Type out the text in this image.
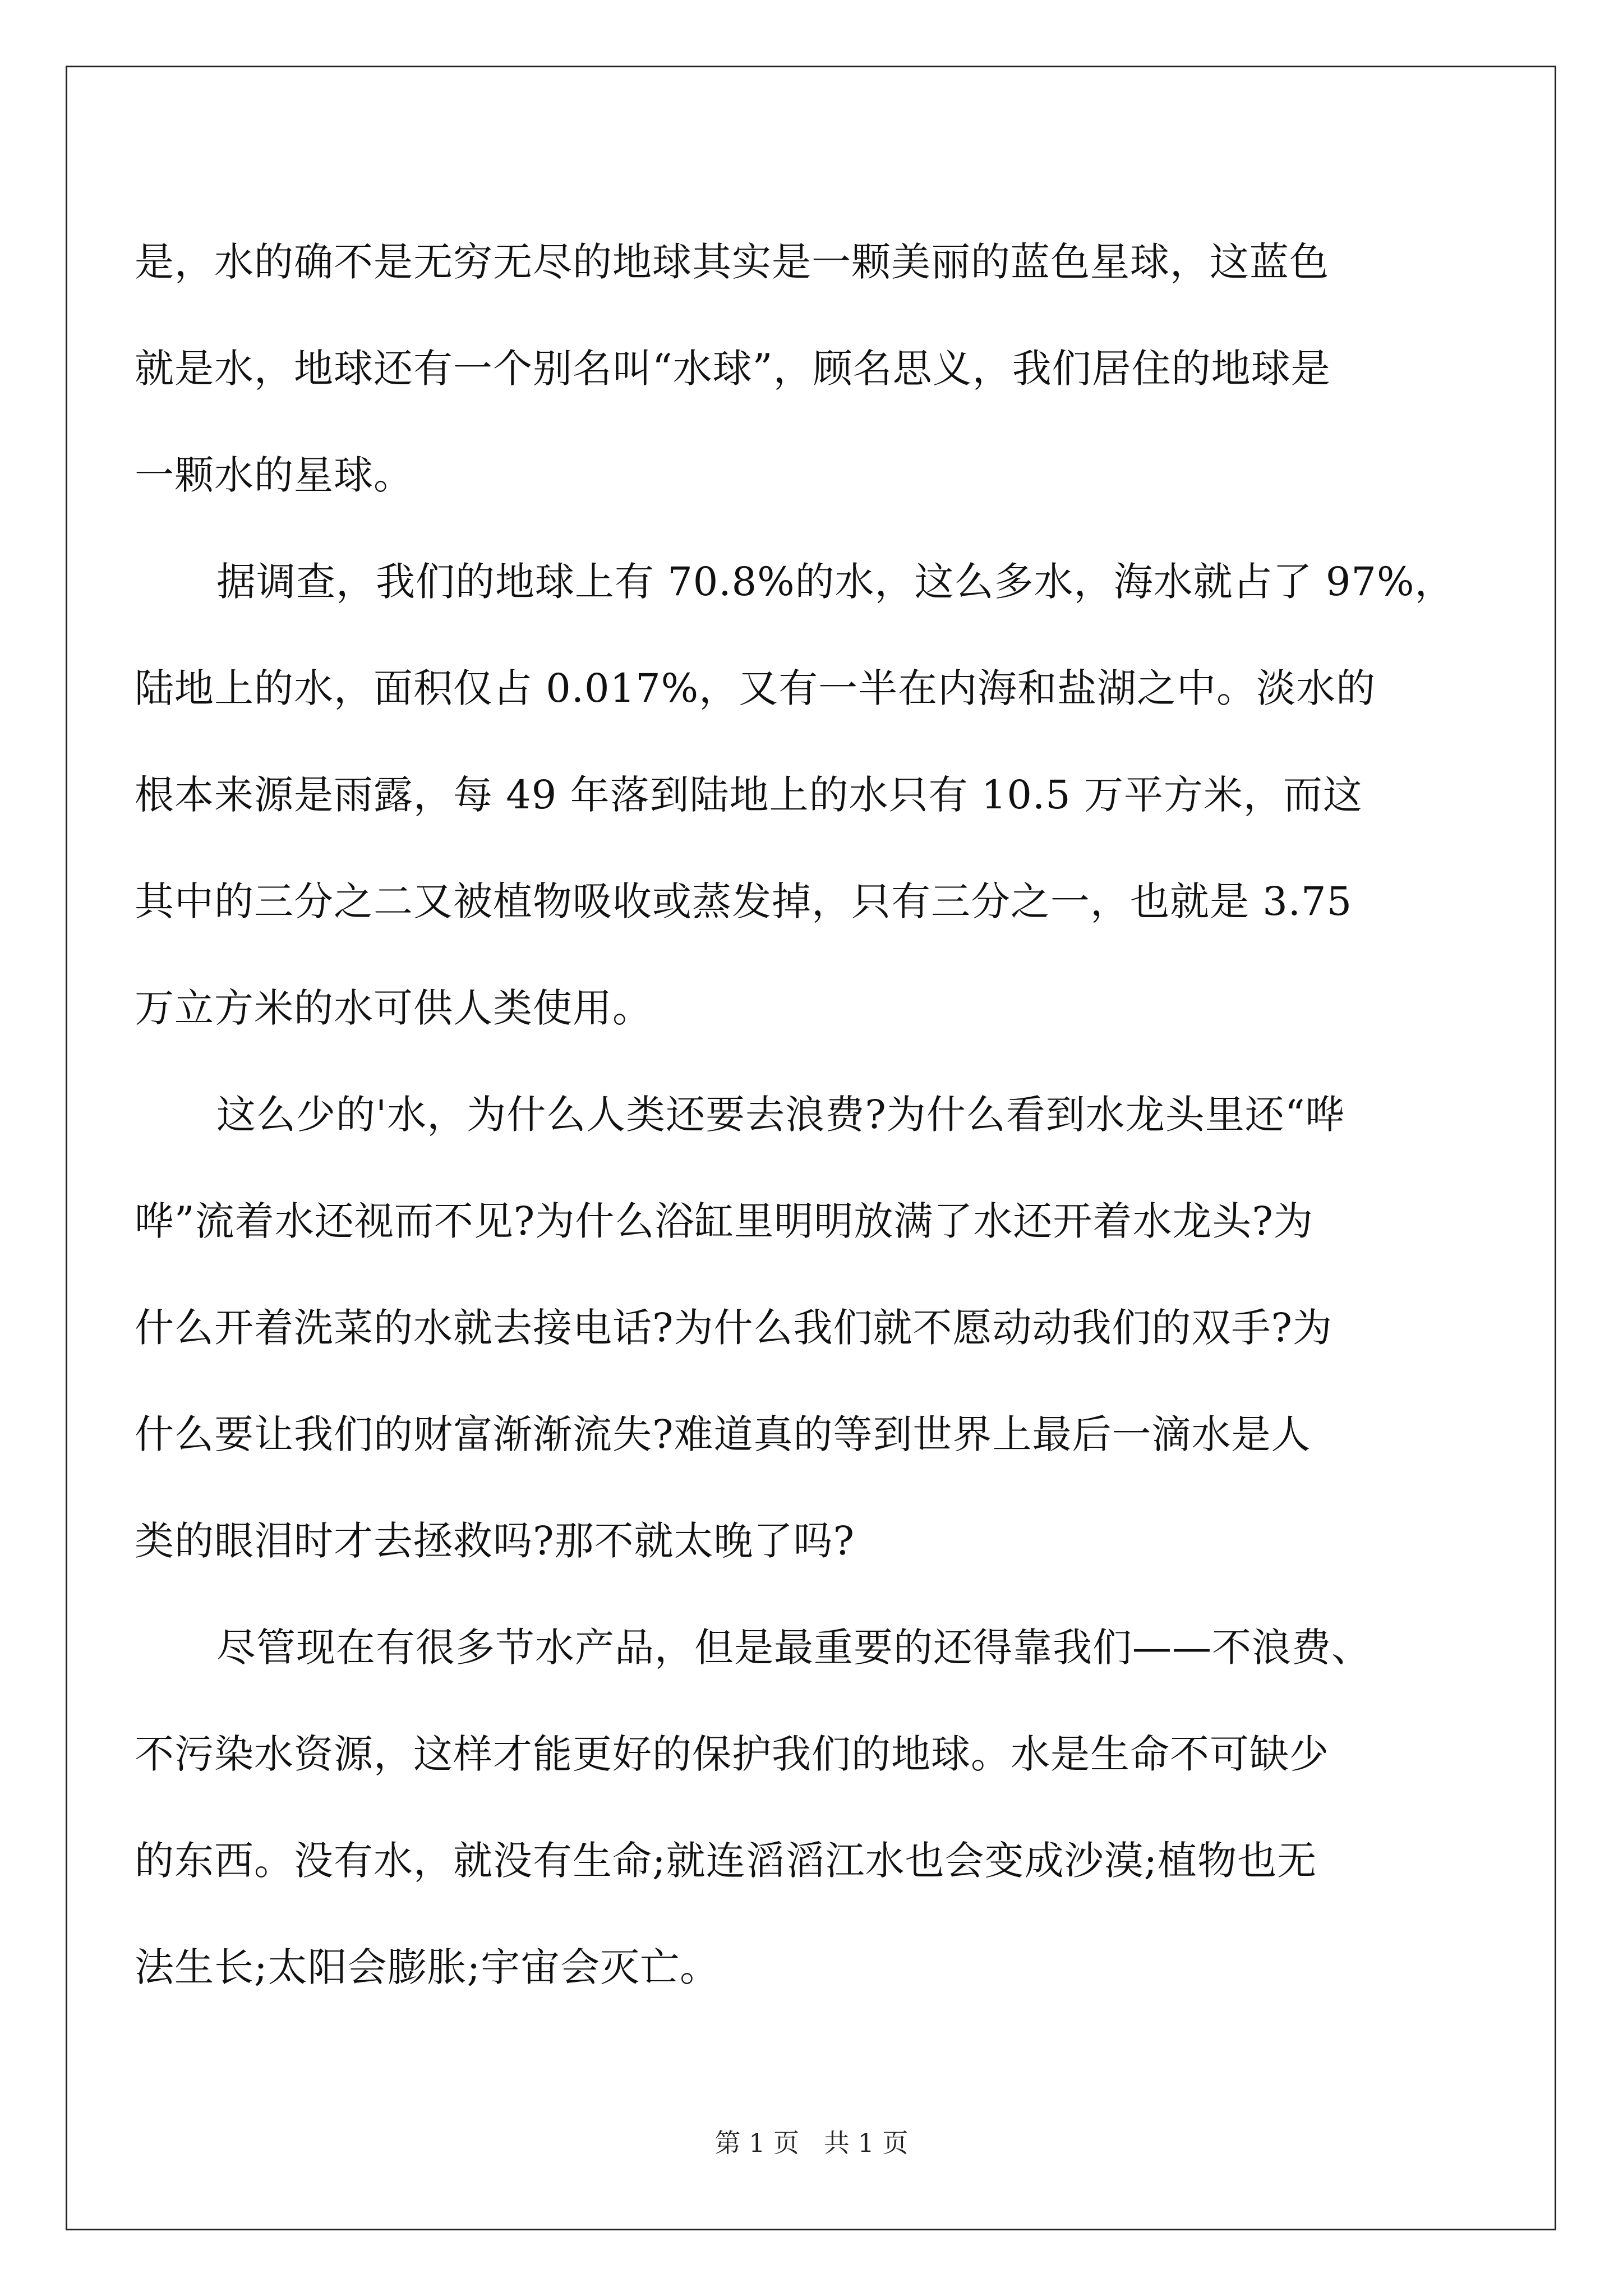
是，水的确不是无穷无尽的地球其实是一颗美丽的蓝色星球，这蓝色
就是水，地球还有一个别名叫“水球”，顾名思义，我们居住的地球是
一颗水的星球。
据调查，我们的地球上有 70.8%的水，这么多水，海水就占了 97%，
陆地上的水，面积仅占 0.017%，又有一半在内海和盐湖之中。淡水的
根本来源是雨露，每 49 年落到陆地上的水只有 10.5 万平方米，而这
其中的三分之二又被植物吸收或蒸发掉，只有三分之一，也就是 3.75
万立方米的水可供人类使用。
这么少的'水，为什么人类还要去浪费?为什么看到水龙头里还“哗
哗”流着水还视而不见?为什么浴缸里明明放满了水还开着水龙头?为
什么开着洗菜的水就去接电话?为什么我们就不愿动动我们的双手?为
什么要让我们的财富渐渐流失?难道真的等到世界上最后一滴水是人
类的眼泪时才去拯救吗?那不就太晚了吗?
尽管现在有很多节水产品，但是最重要的还得靠我们——不浪费、
不污染水资源，这样才能更好的保护我们的地球。水是生命不可缺少
的东西。没有水，就没有生命;就连滔滔江水也会变成沙漠;植物也无
法生长;太阳会膨胀;宇宙会灭亡。
第 1 页   共 1 页
